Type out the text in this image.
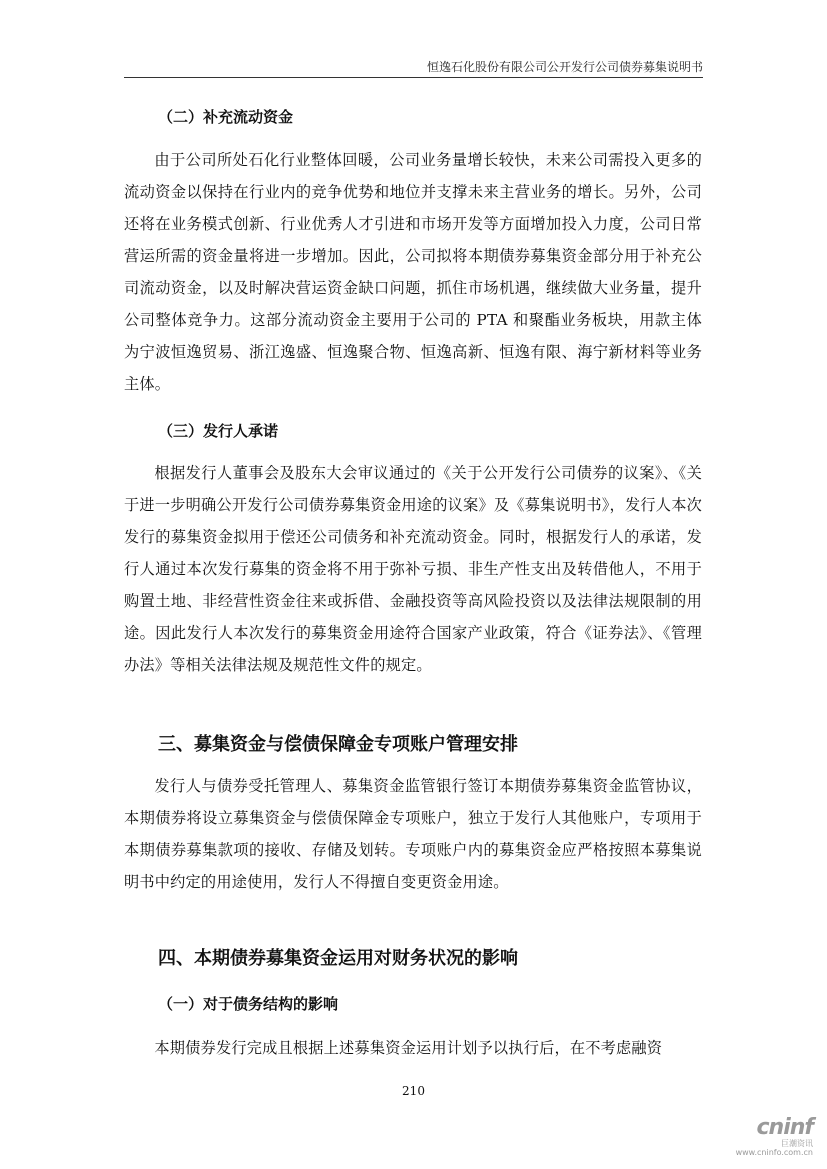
恒逸石化股份有限公司公开发行公司债券募集说明书
（二）补充流动资金

由于公司所处石化行业整体回暖，公司业务量增长较快，未来公司需投入更多的流动资金以保持在行业内的竞争优势和地位并支撑未来主营业务的增长。另外，公司还将在业务模式创新、行业优秀人才引进和市场开发等方面增加投入力度，公司日常营运所需的资金量将进一步增加。因此，公司拟将本期债券募集资金部分用于补充公司流动资金，以及时解决营运资金缺口问题，抓住市场机遇，继续做大业务量，提升公司整体竞争力。这部分流动资金主要用于公司的 PTA 和聚酯业务板块，用款主体为宁波恒逸贸易、浙江逸盛、恒逸聚合物、恒逸高新、恒逸有限、海宁新材料等业务主体。

（三）发行人承诺

根据发行人董事会及股东大会审议通过的《关于公开发行公司债券的议案》、《关于进一步明确公开发行公司债券募集资金用途的议案》及《募集说明书》，发行人本次发行的募集资金拟用于偿还公司债务和补充流动资金。同时，根据发行人的承诺，发行人通过本次发行募集的资金将不用于弥补亏损、非生产性支出及转借他人，不用于购置土地、非经营性资金往来或拆借、金融投资等高风险投资以及法律法规限制的用途。因此发行人本次发行的募集资金用途符合国家产业政策，符合《证券法》、《管理办法》等相关法律法规及规范性文件的规定。

三、募集资金与偿债保障金专项账户管理安排

发行人与债券受托管理人、募集资金监管银行签订本期债券募集资金监管协议，本期债券将设立募集资金与偿债保障金专项账户，独立于发行人其他账户，专项用于本期债券募集款项的接收、存储及划转。专项账户内的募集资金应严格按照本募集说明书中约定的用途使用，发行人不得擅自变更资金用途。

四、本期债券募集资金运用对财务状况的影响
（一）对于债务结构的影响

本期债券发行完成且根据上述募集资金运用计划予以执行后，在不考虑融资

210
cninf
巨潮资讯
www.cninfo.com.cn
